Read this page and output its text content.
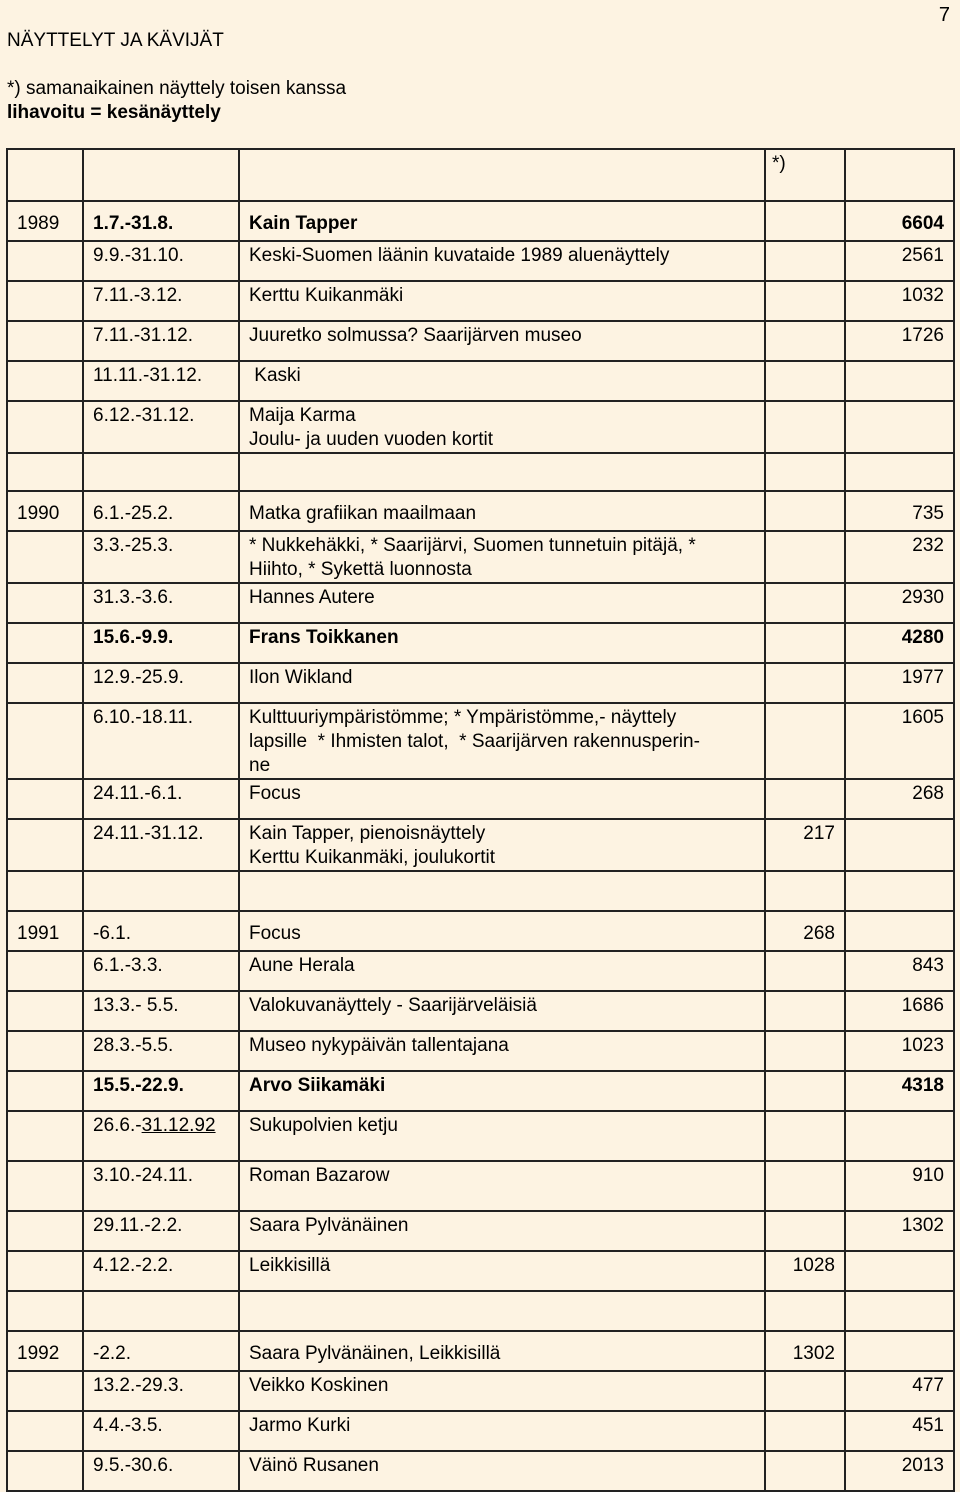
7
NÄYTTELYT JA KÄVIJÄT
*) samanaikainen näyttely toisen kanssa
lihavoitu = kesänäyttely

	*)	
1989	1.7.-31.8.	Kain Tapper		6604
	9.9.-31.10.	Keski-Suomen läänin kuvataide 1989 aluenäyttely		2561
	7.11.-3.12.	Kerttu Kuikanmäki		1032
	7.11.-31.12.	Juuretko solmussa? Saarijärven museo		1726
	11.11.-31.12.	Kaski		

	6.12.-31.12.	Maija Karma
Joulu- ja uuden vuoden kortit		

1990	6.1.-25.2.	Matka grafiikan maailmaan		735
	3.3.-25.3.	* Nukkehäkki, * Saarijärvi, Suomen tunnetuin pitäjä, *
Hiihto, * Sykettä luonnosta		232
	31.3.-3.6.	Hannes Autere		2930
	15.6.-9.9.	Frans Toikkanen		4280
	12.9.-25.9.	Ilon Wikland		1977
	6.10.-18.11.	Kulttuuriympäristömme; * Ympäristömme,- näyttely
lapsille  * Ihmisten talot,  * Saarijärven rakennusperin-
ne		1605
	24.11.-6.1.	Focus		268
	24.11.-31.12.	Kain Tapper, pienoisnäyttely
Kerttu Kuikanmäki, joulukortit	217	

1991	-6.1.	Focus	268	
	6.1.-3.3.	Aune Herala		843
	13.3.- 5.5.	Valokuvanäyttely - Saarijärveläisiä		1686
	28.3.-5.5.	Museo nykypäivän tallentajana		1023
	15.5.-22.9.	Arvo Siikamäki		4318
	26.6.-31.12.92	Sukupolvien ketju		

	3.10.-24.11.	Roman Bazarow		910
	29.11.-2.2.	Saara Pylvänäinen		1302
	4.12.-2.2.	Leikkisillä	1028	

1992	-2.2.	Saara Pylvänäinen, Leikkisillä	1302	
	13.2.-29.3.	Veikko Koskinen		477
	4.4.-3.5.	Jarmo Kurki		451
	9.5.-30.6.	Väinö Rusanen		2013
